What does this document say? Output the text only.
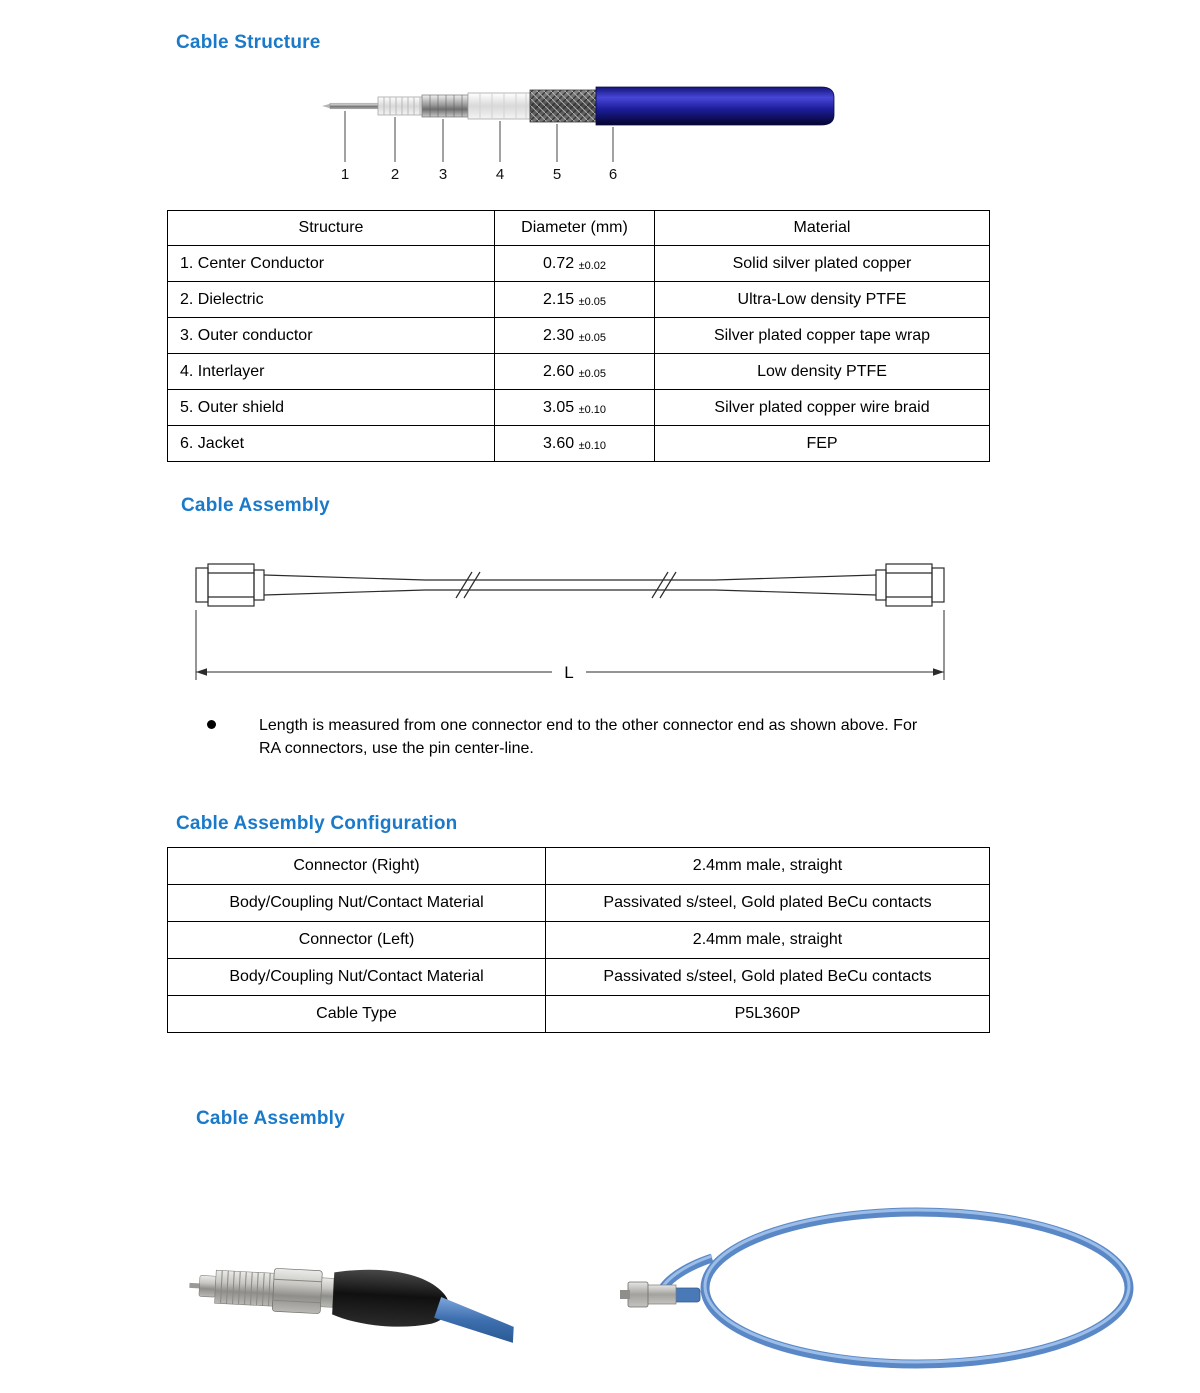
Cable Structure
1	2	3	4	5	6
Structure	Diameter (mm)	Material
1. Center Conductor	0.72 ±0.02	Solid silver plated copper
2. Dielectric	2.15 ±0.05	Ultra-Low density PTFE
3. Outer conductor	2.30 ±0.05	Silver plated copper tape wrap
4. Interlayer	2.60 ±0.05	Low density PTFE
5. Outer shield	3.05 ±0.10	Silver plated copper wire braid
6. Jacket	3.60 ±0.10	FEP
Cable Assembly
L
Length is measured from one connector end to the other connector end as shown above. For RA connectors, use the pin center-line.
Cable Assembly Configuration
Connector (Right)	2.4mm male, straight
Body/Coupling Nut/Contact Material	Passivated s/steel, Gold plated BeCu contacts
Connector (Left)	2.4mm male, straight
Body/Coupling Nut/Contact Material	Passivated s/steel, Gold plated BeCu contacts
Cable Type	P5L360P
Cable Assembly
